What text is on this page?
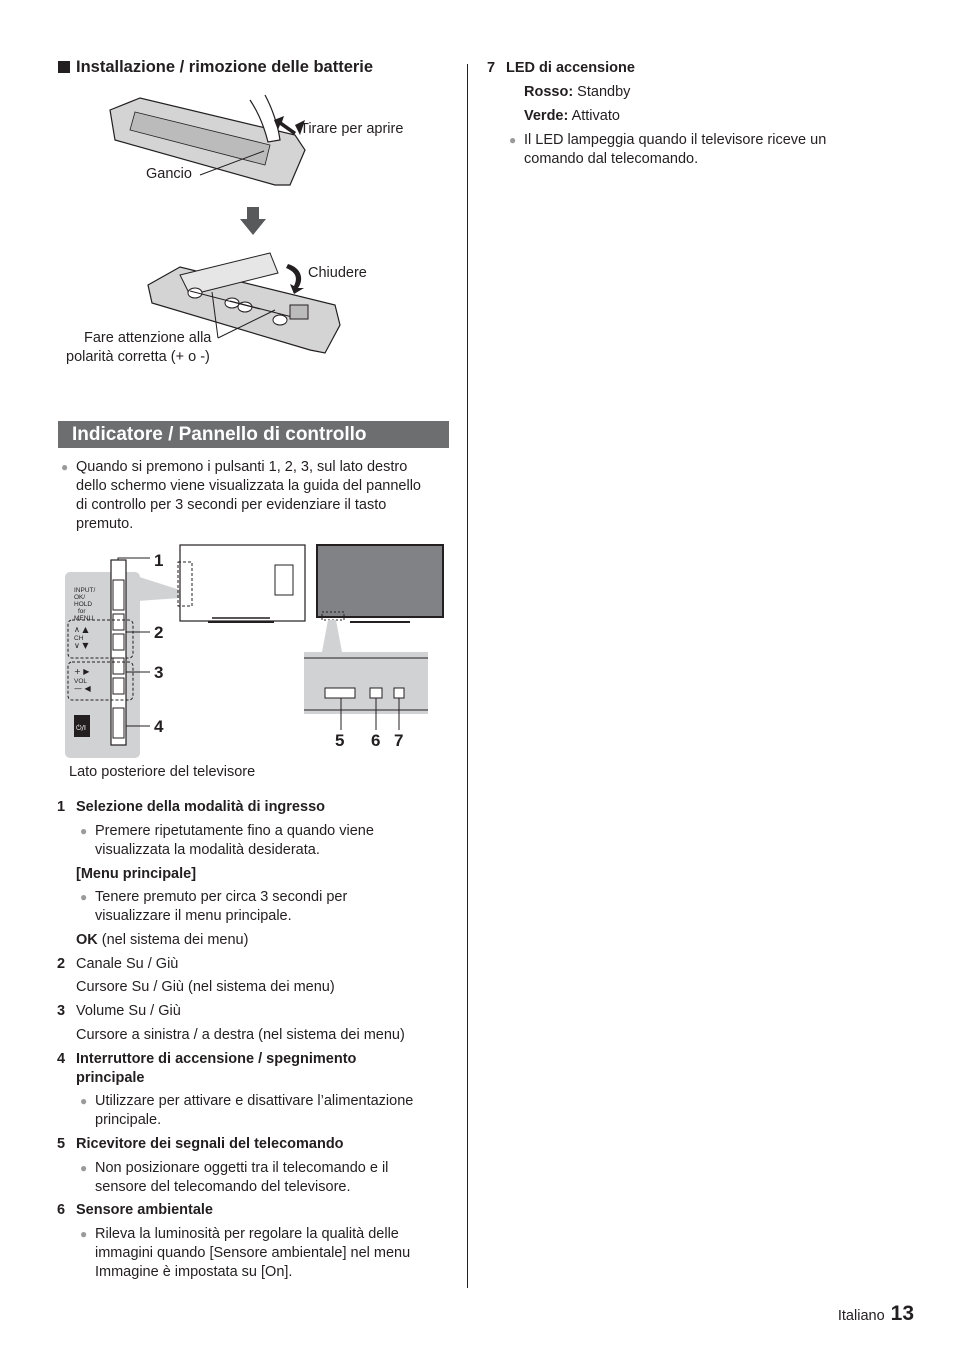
Installazione / rimozione delle batterie
Tirare per aprire
Gancio
Chiudere
Fare attenzione alla
polarità corretta (+ o -)
Indicatore / Pannello di controllo
● Quando si premono i pulsanti 1, 2, 3, sul lato destro
dello schermo viene visualizzata la guida del pannello
di controllo per 3 secondi per evidenziare il tasto
premuto.
INPUT/
OK/
HOLD
for
MENU
∧ ▲
CH
∨ ▼
+ ▶
VOL
— ◀
⏻/I
1
2
3
4
5 6 7
Lato posteriore del televisore
1 Selezione della modalità di ingresso
● Premere ripetutamente fino a quando viene
visualizzata la modalità desiderata.
[Menu principale]
● Tenere premuto per circa 3 secondi per
visualizzare il menu principale.
OK (nel sistema dei menu)
2 Canale Su / Giù
Cursore Su / Giù (nel sistema dei menu)
3 Volume Su / Giù
Cursore a sinistra / a destra (nel sistema dei menu)
4 Interruttore di accensione / spegnimento
principale
● Utilizzare per attivare e disattivare l’alimentazione
principale.
5 Ricevitore dei segnali del telecomando
● Non posizionare oggetti tra il telecomando e il
sensore del telecomando del televisore.
6 Sensore ambientale
● Rileva la luminosità per regolare la qualità delle
immagini quando [Sensore ambientale] nel menu
Immagine è impostata su [On].
7 LED di accensione
Rosso: Standby
Verde: Attivato
● Il LED lampeggia quando il televisore riceve un
comando dal telecomando.
Italiano 13
